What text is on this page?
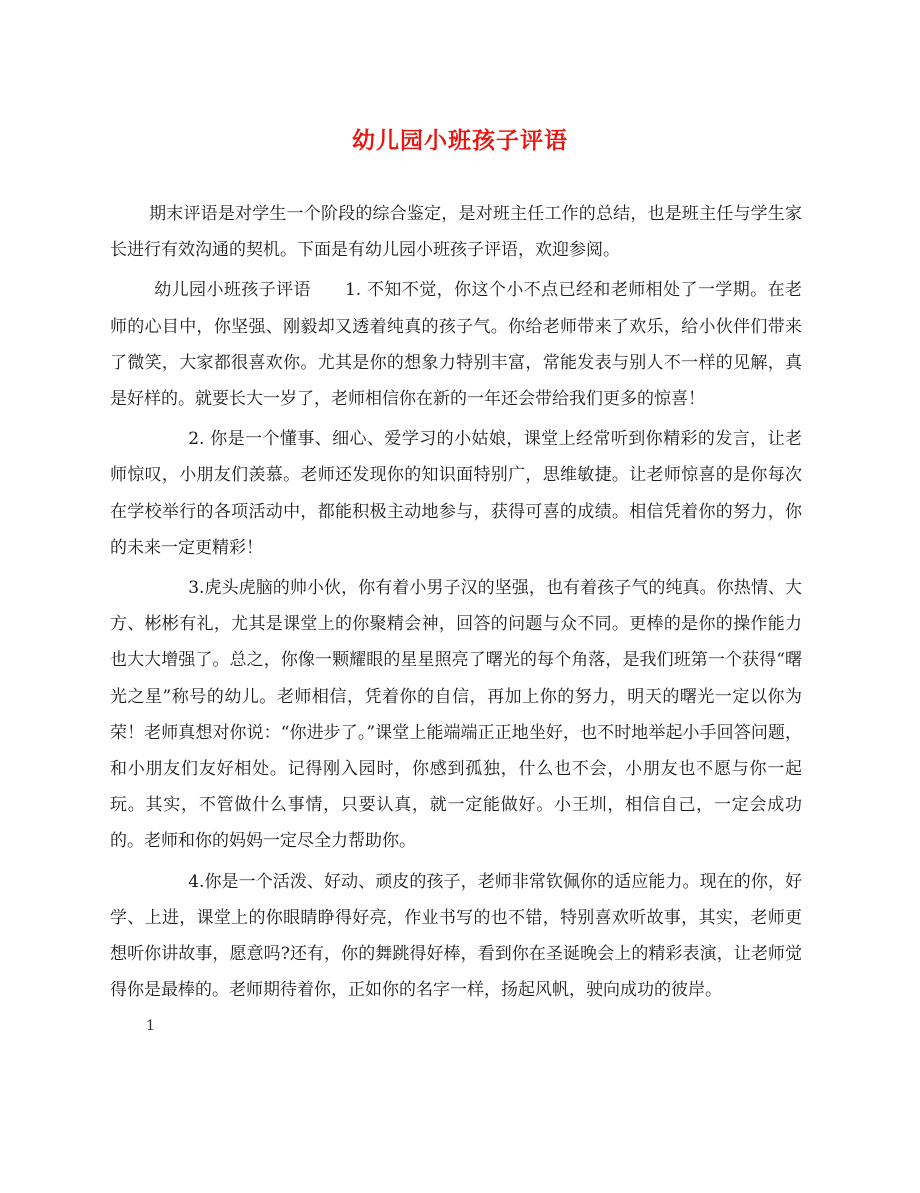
幼儿园小班孩子评语

期末评语是对学生一个阶段的综合鉴定，是对班主任工作的总结，也是班主任与学生家长进行有效沟通的契机。下面是有幼儿园小班孩子评语，欢迎参阅。

幼儿园小班孩子评语 1. 不知不觉，你这个小不点已经和老师相处了一学期。在老师的心目中，你坚强、刚毅却又透着纯真的孩子气。你给老师带来了欢乐，给小伙伴们带来了微笑，大家都很喜欢你。尤其是你的想象力特别丰富，常能发表与别人不一样的见解，真是好样的。就要长大一岁了，老师相信你在新的一年还会带给我们更多的惊喜！

2. 你是一个懂事、细心、爱学习的小姑娘，课堂上经常听到你精彩的发言，让老师惊叹，小朋友们羡慕。老师还发现你的知识面特别广，思维敏捷。让老师惊喜的是你每次在学校举行的各项活动中，都能积极主动地参与，获得可喜的成绩。相信凭着你的努力，你的未来一定更精彩！

3.虎头虎脑的帅小伙，你有着小男子汉的坚强，也有着孩子气的纯真。你热情、大方、彬彬有礼，尤其是课堂上的你聚精会神，回答的问题与众不同。更棒的是你的操作能力也大大增强了。总之，你像一颗耀眼的星星照亮了曙光的每个角落，是我们班第一个获得“曙光之星”称号的幼儿。老师相信，凭着你的自信，再加上你的努力，明天的曙光一定以你为荣！老师真想对你说：“你进步了。”课堂上能端端正正地坐好，也不时地举起小手回答问题，和小朋友们友好相处。记得刚入园时，你感到孤独，什么也不会，小朋友也不愿与你一起玩。其实，不管做什么事情，只要认真，就一定能做好。小王圳，相信自己，一定会成功的。老师和你的妈妈一定尽全力帮助你。

4.你是一个活泼、好动、顽皮的孩子，老师非常钦佩你的适应能力。现在的你，好学、上进，课堂上的你眼睛睁得好亮，作业书写的也不错，特别喜欢听故事，其实，老师更想听你讲故事，愿意吗?还有，你的舞跳得好棒，看到你在圣诞晚会上的精彩表演，让老师觉得你是最棒的。老师期待着你，正如你的名字一样，扬起风帆，驶向成功的彼岸。

1
